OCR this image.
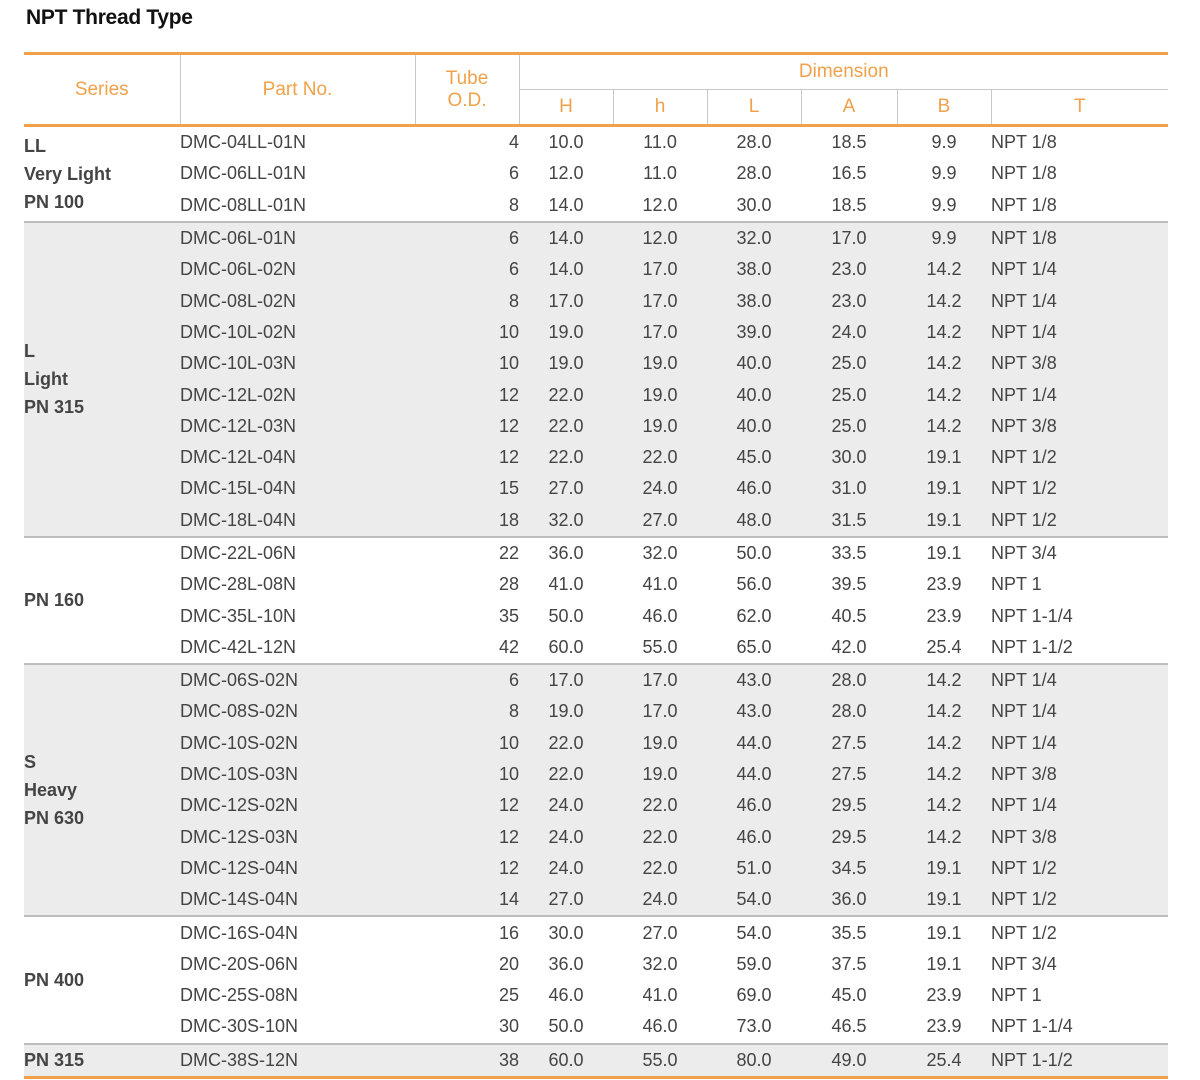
NPT Thread Type
Series	Part No.	Tube	Dimension					
		O.D.	H	h	L	A	B	T

LL
Very Light
PN 100	DMC-04LL-01N	4	10.0	11.0	28.0	18.5	9.9	NPT 1/8
	DMC-06LL-01N	6	12.0	11.0	28.0	16.5	9.9	NPT 1/8
	DMC-08LL-01N	8	14.0	12.0	30.0	18.5	9.9	NPT 1/8

L
Light
PN 315	DMC-06L-01N	6	14.0	12.0	32.0	17.0	9.9	NPT 1/8
	DMC-06L-02N	6	14.0	17.0	38.0	23.0	14.2	NPT 1/4
	DMC-08L-02N	8	17.0	17.0	38.0	23.0	14.2	NPT 1/4
	DMC-10L-02N	10	19.0	17.0	39.0	24.0	14.2	NPT 1/4
	DMC-10L-03N	10	19.0	19.0	40.0	25.0	14.2	NPT 3/8
	DMC-12L-02N	12	22.0	19.0	40.0	25.0	14.2	NPT 1/4
	DMC-12L-03N	12	22.0	19.0	40.0	25.0	14.2	NPT 3/8
	DMC-12L-04N	12	22.0	22.0	45.0	30.0	19.1	NPT 1/2
	DMC-15L-04N	15	27.0	24.0	46.0	31.0	19.1	NPT 1/2
	DMC-18L-04N	18	32.0	27.0	48.0	31.5	19.1	NPT 1/2

PN 160	DMC-22L-06N	22	36.0	32.0	50.0	33.5	19.1	NPT 3/4
	DMC-28L-08N	28	41.0	41.0	56.0	39.5	23.9	NPT 1
	DMC-35L-10N	35	50.0	46.0	62.0	40.5	23.9	NPT 1-1/4
	DMC-42L-12N	42	60.0	55.0	65.0	42.0	25.4	NPT 1-1/2

S
Heavy
PN 630	DMC-06S-02N	6	17.0	17.0	43.0	28.0	14.2	NPT 1/4
	DMC-08S-02N	8	19.0	17.0	43.0	28.0	14.2	NPT 1/4
	DMC-10S-02N	10	22.0	19.0	44.0	27.5	14.2	NPT 1/4
	DMC-10S-03N	10	22.0	19.0	44.0	27.5	14.2	NPT 3/8
	DMC-12S-02N	12	24.0	22.0	46.0	29.5	14.2	NPT 1/4
	DMC-12S-03N	12	24.0	22.0	46.0	29.5	14.2	NPT 3/8
	DMC-12S-04N	12	24.0	22.0	51.0	34.5	19.1	NPT 1/2
	DMC-14S-04N	14	27.0	24.0	54.0	36.0	19.1	NPT 1/2

PN 400	DMC-16S-04N	16	30.0	27.0	54.0	35.5	19.1	NPT 1/2
	DMC-20S-06N	20	36.0	32.0	59.0	37.5	19.1	NPT 3/4
	DMC-25S-08N	25	46.0	41.0	69.0	45.0	23.9	NPT 1
	DMC-30S-10N	30	50.0	46.0	73.0	46.5	23.9	NPT 1-1/4

PN 315	DMC-38S-12N	38	60.0	55.0	80.0	49.0	25.4	NPT 1-1/2
